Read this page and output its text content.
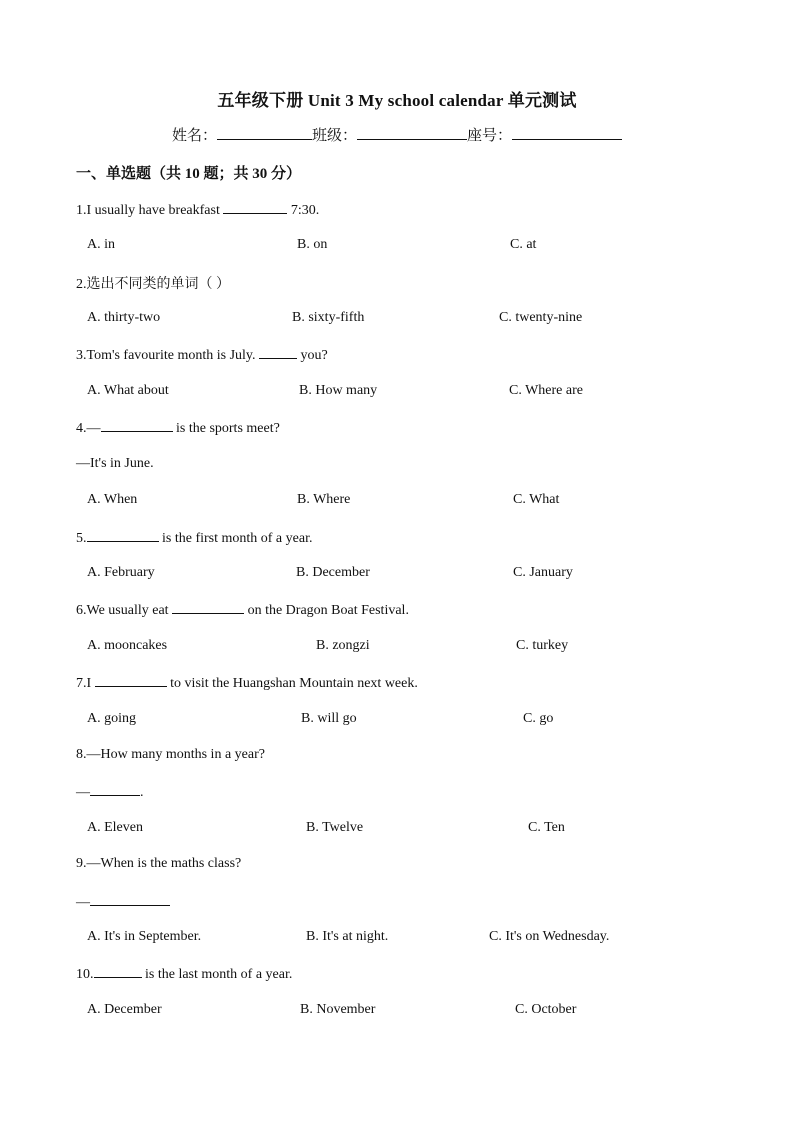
五年级下册 Unit 3 My school calendar 单元测试
姓名：	班级：	座号：
一、单选题（共 10 题；共 30 分）
1.I usually have breakfast	7:30.
A. in	B. on	C. at
2.选出不同类的单词（ ）
A. thirty-two	B. sixty-fifth	C. twenty-nine
3.Tom's favourite month is July.	you?
A. What about	B. How many	C. Where are
4.—	is the sports meet?
—It's in June.
A. When	B. Where	C. What
5.	is the first month of a year.
A. February	B. December	C. January
6.We usually eat	on the Dragon Boat Festival.
A. mooncakes	B. zongzi	C. turkey
7.I	to visit the Huangshan Mountain next week.
A. going	B. will go	C. go
8.—How many months in a year?
—	.
A. Eleven	B. Twelve	C. Ten
9.—When is the maths class?
—
A. It's in September.	B. It's at night.	C. It's on Wednesday.
10.	is the last month of a year.
A. December	B. November	C. October
